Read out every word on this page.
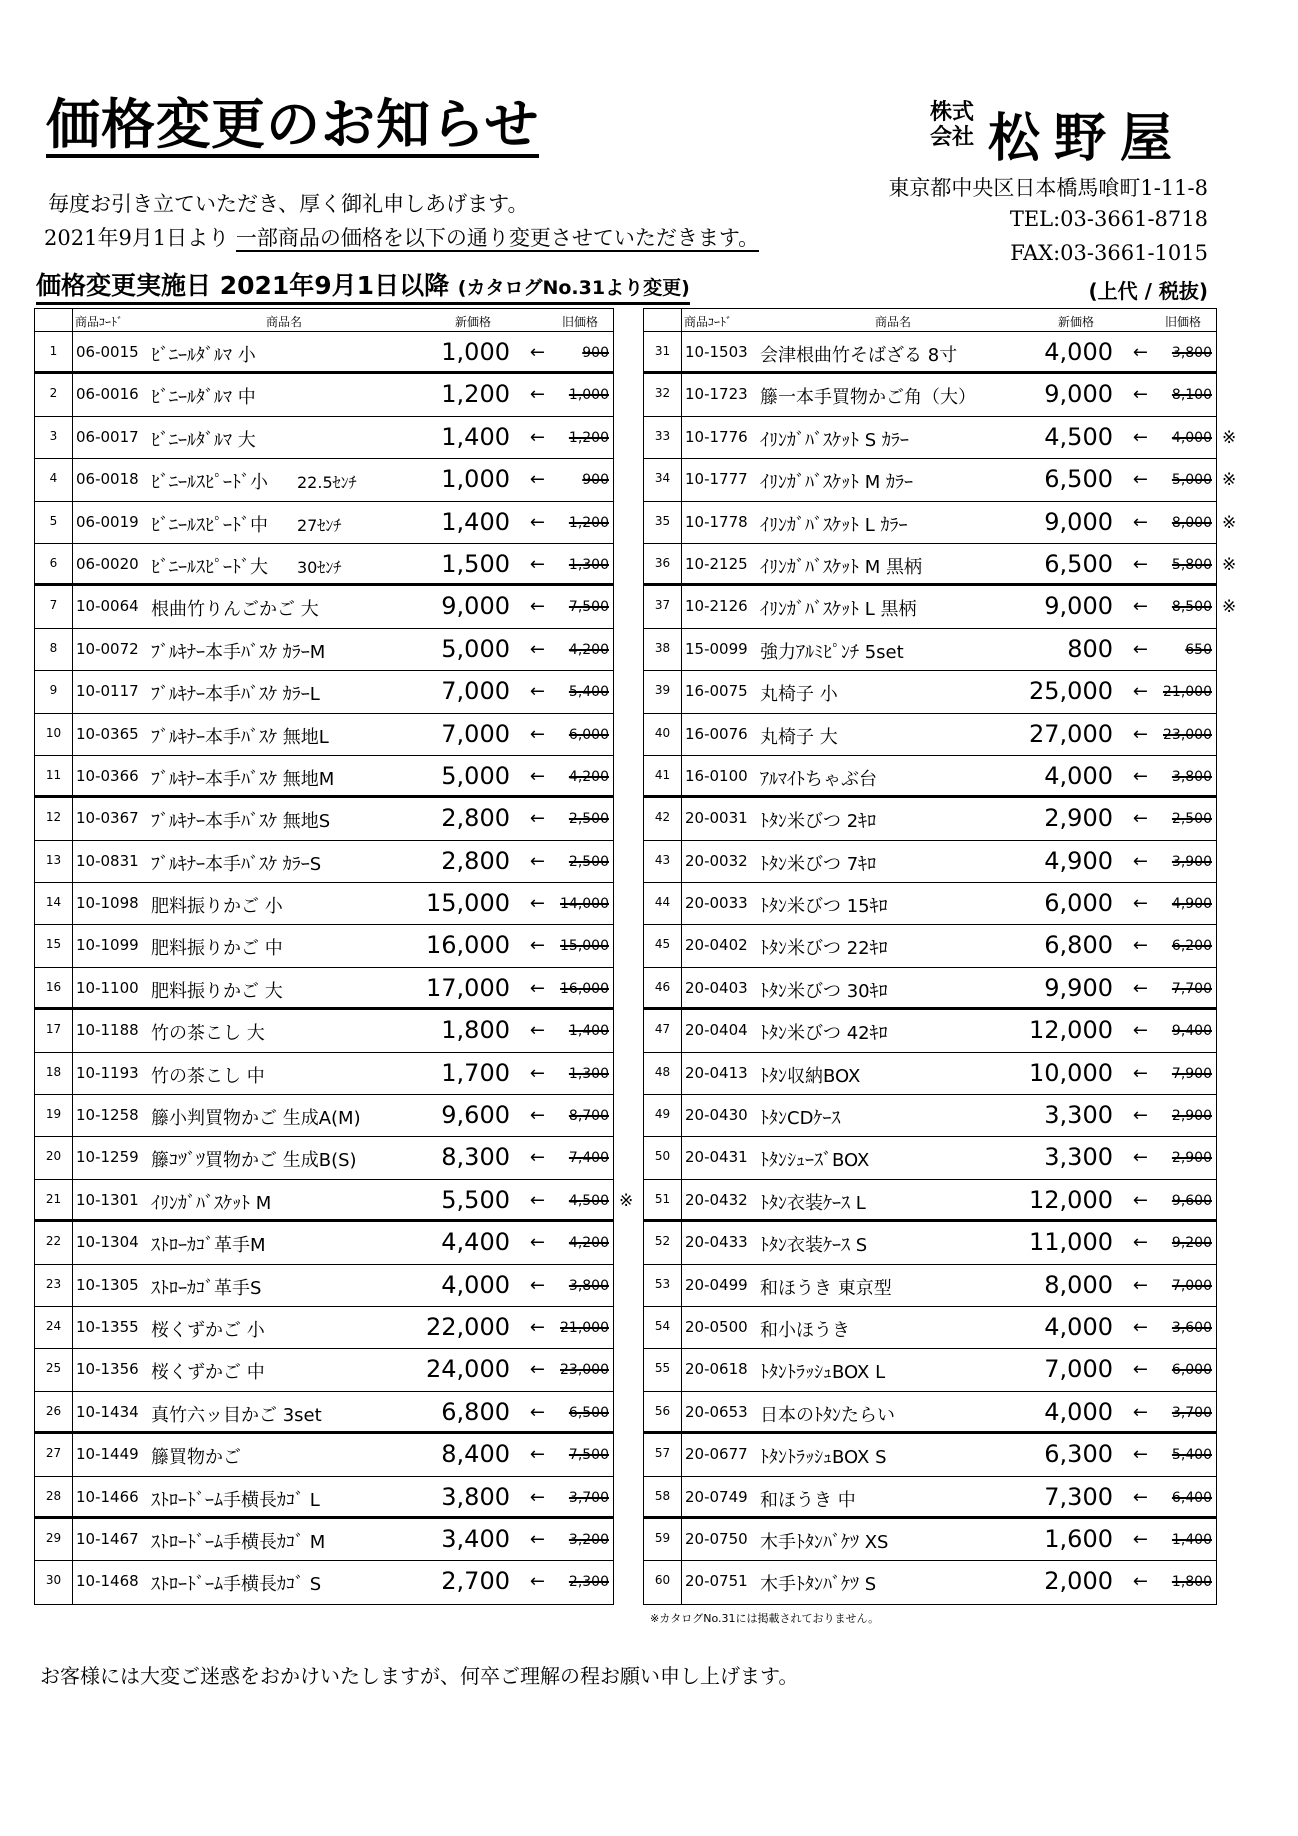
価格変更のお知らせ
毎度お引き立ていただき、厚く御礼申しあげます。
2021年9月1日より 一部商品の価格を以下の通り変更させていただきます。
価格変更実施日 2021年9月1日以降 (カタログNo.31より変更)
株式
会社 松野屋
東京都中央区日本橋馬喰町1-11-8
TEL:03-3661-8718
FAX:03-3661-1015
(上代 / 税抜)
商品ｺｰﾄﾞ	商品名	新価格	旧価格
1	06-0015 ﾋﾞﾆｰﾙﾀﾞﾙﾏ 小	1,000 ←	900
2	06-0016 ﾋﾞﾆｰﾙﾀﾞﾙﾏ 中	1,200 ← 1,000
3	06-0017 ﾋﾞﾆｰﾙﾀﾞﾙﾏ 大	1,400 ← 1,200
4	06-0018 ﾋﾞﾆｰﾙｽﾋﾟｰﾄﾞ小 22.5ｾﾝﾁ	1,000 ←	900
5	06-0019 ﾋﾞﾆｰﾙｽﾋﾟｰﾄﾞ中 27ｾﾝﾁ	1,400 ← 1,200
6	06-0020 ﾋﾞﾆｰﾙｽﾋﾟｰﾄﾞ大 30ｾﾝﾁ	1,500 ← 1,300
7	10-0064 根曲竹りんごかご 大	9,000 ← 7,500
8	10-0072 ﾌﾞﾙｷﾅｰ本手ﾊﾞｽｹ ｶﾗｰM	5,000 ← 4,200
9	10-0117 ﾌﾞﾙｷﾅｰ本手ﾊﾞｽｹ ｶﾗｰL	7,000 ← 5,400
10 10-0365 ﾌﾞﾙｷﾅｰ本手ﾊﾞｽｹ 無地L	7,000 ← 6,000
11 10-0366 ﾌﾞﾙｷﾅｰ本手ﾊﾞｽｹ 無地M	5,000 ← 4,200
12 10-0367 ﾌﾞﾙｷﾅｰ本手ﾊﾞｽｹ 無地S	2,800 ← 2,500
13 10-0831 ﾌﾞﾙｷﾅｰ本手ﾊﾞｽｹ ｶﾗｰS	2,800 ← 2,500
14 10-1098 肥料振りかご 小	15,000 ← 14,000
15 10-1099 肥料振りかご 中	16,000 ← 15,000
16 10-1100 肥料振りかご 大	17,000 ← 16,000
17 10-1188 竹の茶こし 大	1,800 ← 1,400
18 10-1193 竹の茶こし 中	1,700 ← 1,300
19 10-1258 籐小判買物かご 生成A(M)	9,600 ← 8,700
20 10-1259 籐ｺﾂﾞﾂ買物かご 生成B(S)	8,300 ← 7,400
21 10-1301 ｲﾘﾝｶﾞﾊﾞｽｹｯﾄ M	5,500 ← 4,500 ※
22 10-1304 ｽﾄﾛｰｶｺﾞ革手M	4,400 ← 4,200
23 10-1305 ｽﾄﾛｰｶｺﾞ革手S	4,000 ← 3,800
24 10-1355 桜くずかご 小	22,000 ← 21,000
25 10-1356 桜くずかご 中	24,000 ← 23,000
26 10-1434 真竹六ッ目かご 3set	6,800 ← 6,500
27 10-1449 籐買物かご	8,400 ← 7,500
28 10-1466 ｽﾄﾛｰﾄﾞｰﾑ手横長ｶｺﾞ L	3,800 ← 3,700
29 10-1467 ｽﾄﾛｰﾄﾞｰﾑ手横長ｶｺﾞ M	3,400 ← 3,200
30 10-1468 ｽﾄﾛｰﾄﾞｰﾑ手横長ｶｺﾞ S	2,700 ← 2,300
商品ｺｰﾄﾞ	商品名	新価格	旧価格
31 10-1503 会津根曲竹そばざる 8寸	4,000 ← 3,800
32 10-1723 籐一本手買物かご角（大）	9,000 ← 8,100
33 10-1776 ｲﾘﾝｶﾞﾊﾞｽｹｯﾄ S ｶﾗｰ	4,500 ← 4,000 ※
34 10-1777 ｲﾘﾝｶﾞﾊﾞｽｹｯﾄ M ｶﾗｰ	6,500 ← 5,000 ※
35 10-1778 ｲﾘﾝｶﾞﾊﾞｽｹｯﾄ L ｶﾗｰ	9,000 ← 8,000 ※
36 10-2125 ｲﾘﾝｶﾞﾊﾞｽｹｯﾄ M 黒柄	6,500 ← 5,800 ※
37 10-2126 ｲﾘﾝｶﾞﾊﾞｽｹｯﾄ L 黒柄	9,000 ← 8,500 ※
38 15-0099 強力ｱﾙﾐﾋﾟﾝﾁ 5set	800 ←	650
39 16-0075 丸椅子 小	25,000 ← 21,000
40 16-0076 丸椅子 大	27,000 ← 23,000
41 16-0100 ｱﾙﾏｲﾄちゃぶ台	4,000 ← 3,800
42 20-0031 ﾄﾀﾝ米びつ 2ｷﾛ	2,900 ← 2,500
43 20-0032 ﾄﾀﾝ米びつ 7ｷﾛ	4,900 ← 3,900
44 20-0033 ﾄﾀﾝ米びつ 15ｷﾛ	6,000 ← 4,900
45 20-0402 ﾄﾀﾝ米びつ 22ｷﾛ	6,800 ← 6,200
46 20-0403 ﾄﾀﾝ米びつ 30ｷﾛ	9,900 ← 7,700
47 20-0404 ﾄﾀﾝ米びつ 42ｷﾛ	12,000 ← 9,400
48 20-0413 ﾄﾀﾝ収納BOX	10,000 ← 7,900
49 20-0430 ﾄﾀﾝCDｹｰｽ	3,300 ← 2,900
50 20-0431 ﾄﾀﾝｼｭｰｽﾞBOX	3,300 ← 2,900
51 20-0432 ﾄﾀﾝ衣装ｹｰｽ L	12,000 ← 9,600
52 20-0433 ﾄﾀﾝ衣装ｹｰｽ S	11,000 ← 9,200
53 20-0499 和ほうき 東京型	8,000 ← 7,000
54 20-0500 和小ほうき	4,000 ← 3,600
55 20-0618 ﾄﾀﾝﾄﾗｯｼｭBOX L	7,000 ← 6,000
56 20-0653 日本のﾄﾀﾝたらい	4,000 ← 3,700
57 20-0677 ﾄﾀﾝﾄﾗｯｼｭBOX S	6,300 ← 5,400
58 20-0749 和ほうき 中	7,300 ← 6,400
59 20-0750 木手ﾄﾀﾝﾊﾞｹﾂ XS	1,600 ← 1,400
60 20-0751 木手ﾄﾀﾝﾊﾞｹﾂ S	2,000 ← 1,800
※カタログNo.31には掲載されておりません。
お客様には大変ご迷惑をおかけいたしますが、何卒ご理解の程お願い申し上げます。
